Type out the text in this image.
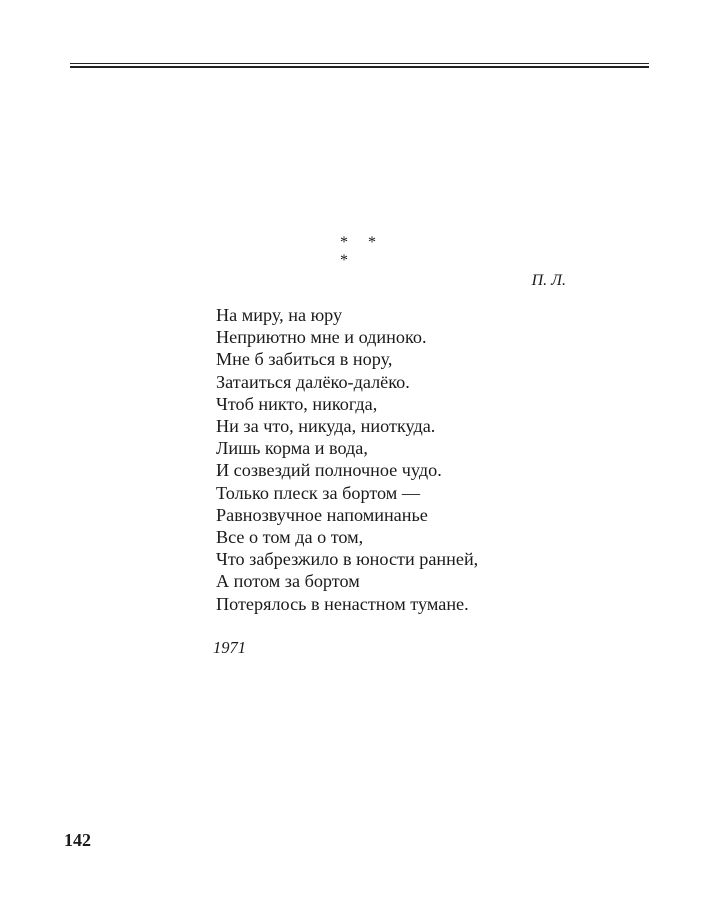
* * *
П. Л.
На миру, на юру
Неприютно мне и одиноко.
Мне б забиться в нору,
Затаиться далёко-далёко.
Чтоб никто, никогда,
Ни за что, никуда, ниоткуда.
Лишь корма и вода,
И созвездий полночное чудо.
Только плеск за бортом —
Равнозвучное напоминанье
Все о том да о том,
Что забрезжило в юности ранней,
А потом за бортом
Потерялось в ненастном тумане.
1971
142
